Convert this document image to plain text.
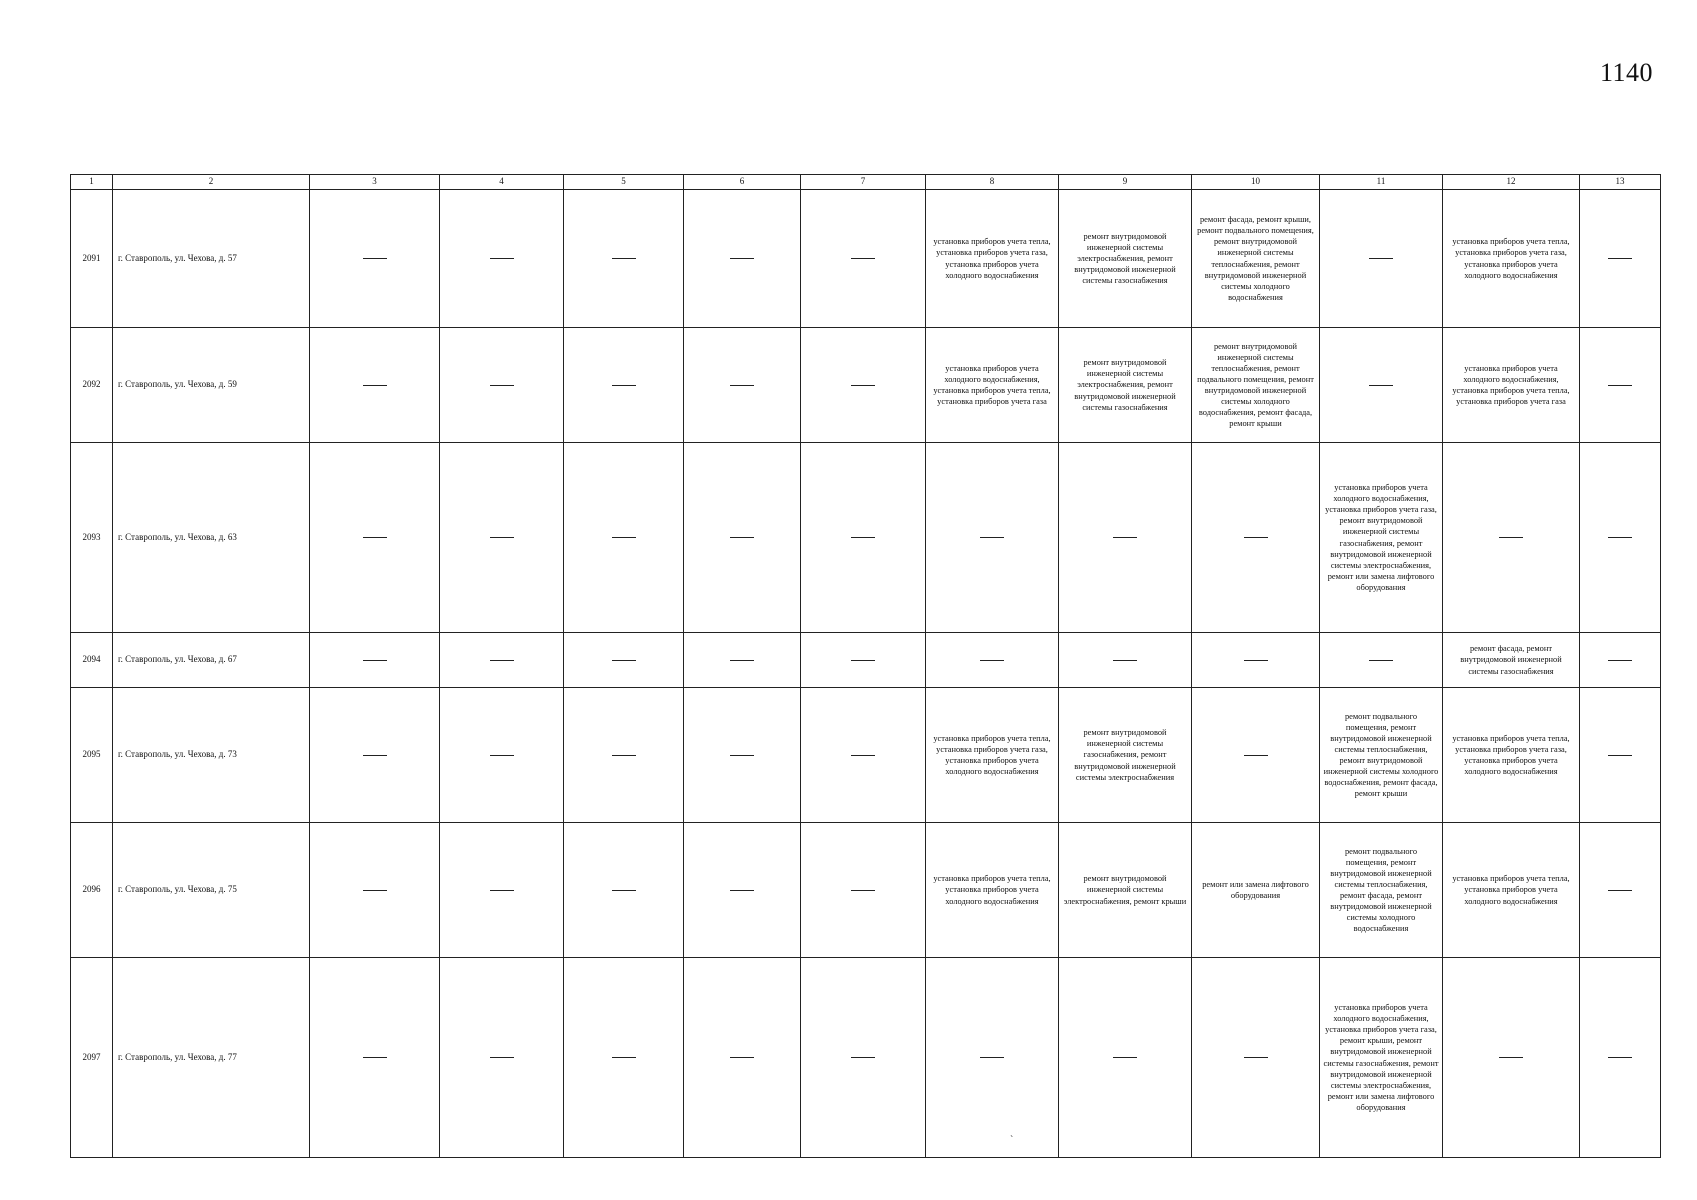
1140
1	2	3	4	5	6	7	8	9	10	11	12	13
2091	г. Ставрополь, ул. Чехова, д. 57						установка приборов учета тепла, установка приборов учета газа, установка приборов учета холодного водоснабжения	ремонт внутридомовой инженерной системы электроснабжения, ремонт внутридомовой инженерной системы газоснабжения	ремонт фасада, ремонт крыши, ремонт подвального помещения, ремонт внутридомовой инженерной системы теплоснабжения, ремонт внутридомовой инженерной системы холодного водоснабжения		установка приборов учета тепла, установка приборов учета газа, установка приборов учета холодного водоснабжения	
2092	г. Ставрополь, ул. Чехова, д. 59						установка приборов учета холодного водоснабжения, установка приборов учета тепла, установка приборов учета газа	ремонт внутридомовой инженерной системы электроснабжения, ремонт внутридомовой инженерной системы газоснабжения	ремонт внутридомовой инженерной системы теплоснабжения, ремонт подвального помещения, ремонт внутридомовой инженерной системы холодного водоснабжения, ремонт фасада, ремонт крыши		установка приборов учета холодного водоснабжения, установка приборов учета тепла, установка приборов учета газа	
2093	г. Ставрополь, ул. Чехова, д. 63									установка приборов учета холодного водоснабжения, установка приборов учета газа, ремонт внутридомовой инженерной системы газоснабжения, ремонт внутридомовой инженерной системы электроснабжения, ремонт или замена лифтового оборудования		
2094	г. Ставрополь, ул. Чехова, д. 67										ремонт фасада, ремонт внутридомовой инженерной системы газоснабжения	
2095	г. Ставрополь, ул. Чехова, д. 73						установка приборов учета тепла, установка приборов учета газа, установка приборов учета холодного водоснабжения	ремонт внутридомовой инженерной системы газоснабжения, ремонт внутридомовой инженерной системы электроснабжения		ремонт подвального помещения, ремонт внутридомовой инженерной системы теплоснабжения, ремонт внутридомовой инженерной системы холодного водоснабжения, ремонт фасада, ремонт крыши	установка приборов учета тепла, установка приборов учета газа, установка приборов учета холодного водоснабжения	
2096	г. Ставрополь, ул. Чехова, д. 75						установка приборов учета тепла, установка приборов учета холодного водоснабжения	ремонт внутридомовой инженерной системы электроснабжения, ремонт крыши	ремонт или замена лифтового оборудования	ремонт подвального помещения, ремонт внутридомовой инженерной системы теплоснабжения, ремонт фасада, ремонт внутридомовой инженерной системы холодного водоснабжения	установка приборов учета тепла, установка приборов учета холодного водоснабжения	
2097	г. Ставрополь, ул. Чехова, д. 77									установка приборов учета холодного водоснабжения, установка приборов учета газа, ремонт крыши, ремонт внутридомовой инженерной системы газоснабжения, ремонт внутридомовой инженерной системы электроснабжения, ремонт или замена лифтового оборудования		
`
